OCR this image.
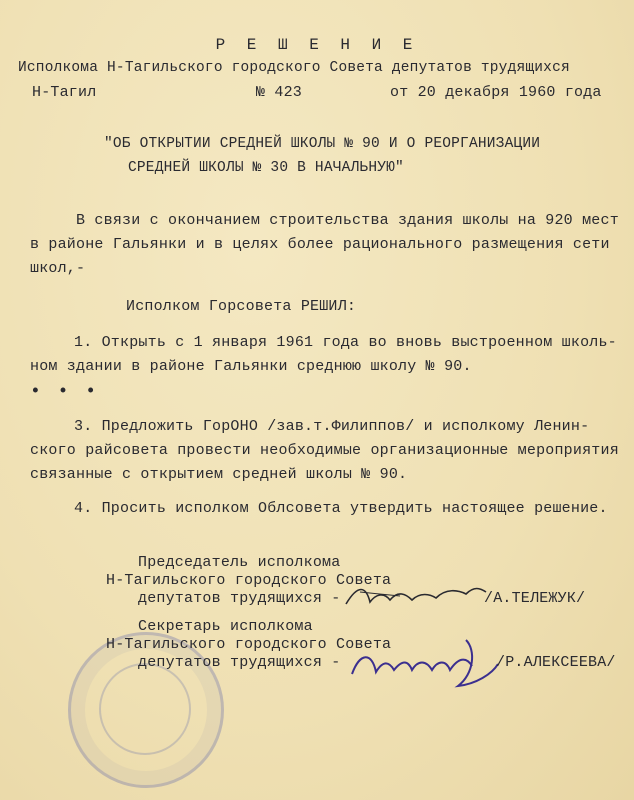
Р Е Ш Е Н И Е
Исполкома Н-Тагильского городского Совета депутатов трудящихся
Н-Тагил	№ 423	от 20 декабря 1960 года
"ОБ ОТКРЫТИИ СРЕДНЕЙ ШКОЛЫ № 90 И О РЕОРГАНИЗАЦИИ
СРЕДНЕЙ ШКОЛЫ № 30 В НАЧАЛЬНУЮ"
В связи с окончанием строительства здания школы на 920 мест
в районе Гальянки и в целях более рационального размещения сети
школ,-
Исполком Горсовета РЕШИЛ:
1. Открыть с 1 января 1961 года во вновь выстроенном школь-
ном здании в районе Гальянки среднюю школу № 90.
• • •
3. Предложить ГорОНО /зав.т.Филиппов/ и исполкому Ленин-
ского райсовета провести необходимые организационные мероприятия
связанные с открытием средней школы № 90.
4. Просить исполком Облсовета утвердить настоящее решение.
Председатель исполкома
Н-Тагильского городского Совета
депутатов трудящихся -	/А.ТЕЛЕЖУК/
Секретарь исполкома
Н-Тагильского городского Совета
депутатов трудящихся -	/Р.АЛЕКСЕЕВА/
